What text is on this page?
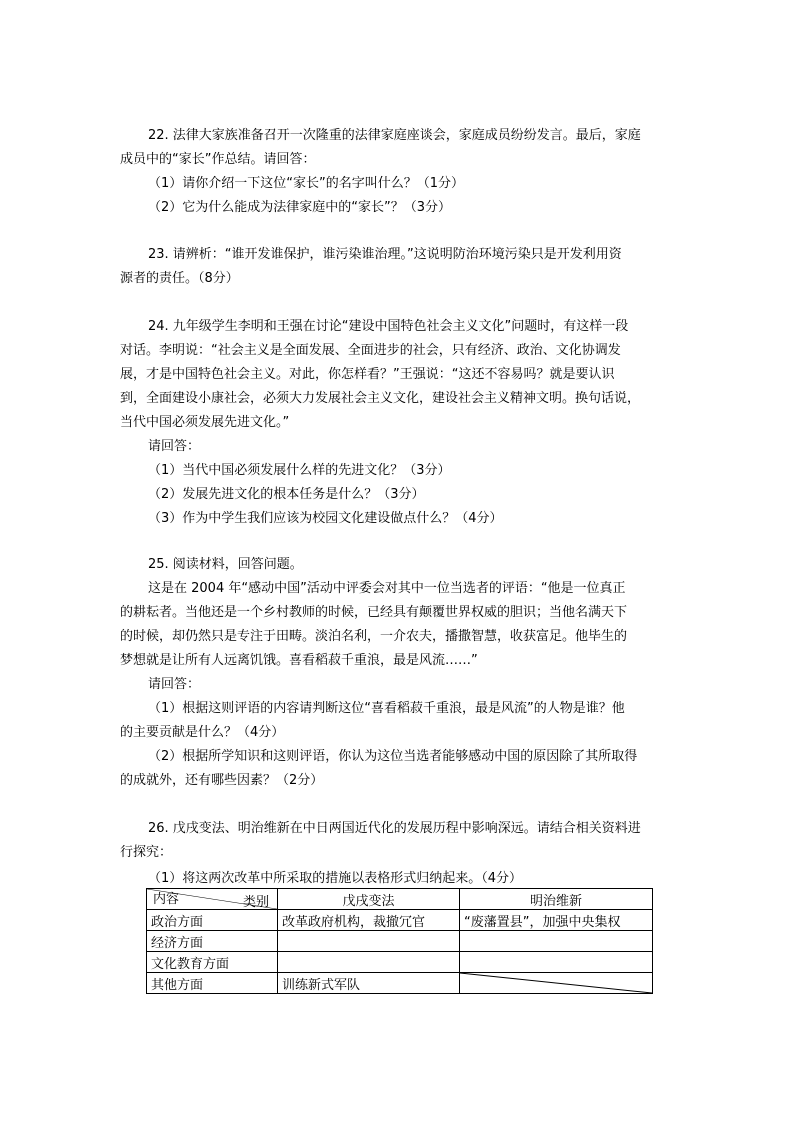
22. 法律大家族准备召开一次隆重的法律家庭座谈会，家庭成员纷纷发言。最后，家庭

成员中的“家长”作总结。请回答：

（1）请你介绍一下这位“家长”的名字叫什么？（1分）

（2）它为什么能成为法律家庭中的“家长”？（3分）

23. 请辨析：“谁开发谁保护，谁污染谁治理。”这说明防治环境污染只是开发利用资

源者的责任。（8分）

24. 九年级学生李明和王强在讨论“建设中国特色社会主义文化”问题时，有这样一段

对话。李明说：“社会主义是全面发展、全面进步的社会，只有经济、政治、文化协调发

展，才是中国特色社会主义。对此，你怎样看？”王强说：“这还不容易吗？就是要认识

到，全面建设小康社会，必须大力发展社会主义文化，建设社会主义精神文明。换句话说，

当代中国必须发展先进文化。”

请回答：

（1）当代中国必须发展什么样的先进文化？（3分）

（2）发展先进文化的根本任务是什么？（3分）

（3）作为中学生我们应该为校园文化建设做点什么？（4分）

25. 阅读材料，回答问题。

这是在 2004 年“感动中国”活动中评委会对其中一位当选者的评语：“他是一位真正

的耕耘者。当他还是一个乡村教师的时候，已经具有颠覆世界权威的胆识；当他名满天下

的时候，却仍然只是专注于田畴。淡泊名利，一介农夫，播撒智慧，收获富足。他毕生的

梦想就是让所有人远离饥饿。喜看稻菽千重浪，最是风流……”

请回答：

（1）根据这则评语的内容请判断这位“喜看稻菽千重浪，最是风流”的人物是谁？他

的主要贡献是什么？（4分）

（2）根据所学知识和这则评语，你认为这位当选者能够感动中国的原因除了其所取得

的成就外，还有哪些因素？（2分）

26. 戊戌变法、明治维新在中日两国近代化的发展历程中影响深远。请结合相关资料进

行探究：

（1）将这两次改革中所采取的措施以表格形式归纳起来。（4分）
类别
内容	戊戌变法	明治维新
政治方面	改革政府机构，裁撤冗官	“废藩置县”，加强中央集权
经济方面		
文化教育方面		
其他方面	训练新式军队	
